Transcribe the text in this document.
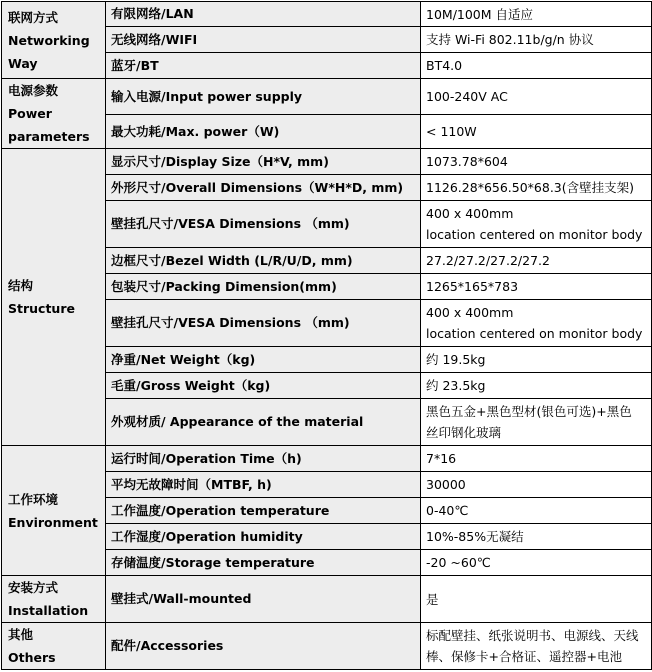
联网方式
Networking
Way	有限网络/LAN	10M/100M 自适应

	无线网络/WIFI	支持 Wi-Fi 802.11b/g/n 协议

	蓝牙/BT	BT4.0

电源参数
Power
parameters	输入电源/Input power supply	100-240V AC

	最大功耗/Max. power（W)	< 110W

结构
Structure	显示尺寸/Display Size（H*V, mm)	1073.78*604

	外形尺寸/Overall Dimensions（W*H*D, mm)	1126.28*656.50*68.3(含壁挂支架)

	壁挂孔尺寸/VESA Dimensions （mm)	400 x 400mm
location centered on monitor body

	边框尺寸/Bezel Width (L/R/U/D, mm)	27.2/27.2/27.2/27.2

	包装尺寸/Packing Dimension(mm)	1265*165*783

	壁挂孔尺寸/VESA Dimensions （mm)	400 x 400mm
location centered on monitor body

	净重/Net Weight（kg)	约 19.5kg

	毛重/Gross Weight（kg)	约 23.5kg

	外观材质/ Appearance of the material	黑色五金+黑色型材(银色可选)+黑色
丝印钢化玻璃

工作环境
Environment	运行时间/Operation Time（h)	7*16

	平均无故障时间（MTBF, h)	30000

	工作温度/Operation temperature	0-40℃

	工作湿度/Operation humidity	10%-85%无凝结

	存储温度/Storage temperature	-20 ~60℃

安装方式
Installation	壁挂式/Wall-mounted	是

其他
Others	配件/Accessories	标配壁挂、纸张说明书、电源线、天线
棒、保修卡+合格证、遥控器+电池
